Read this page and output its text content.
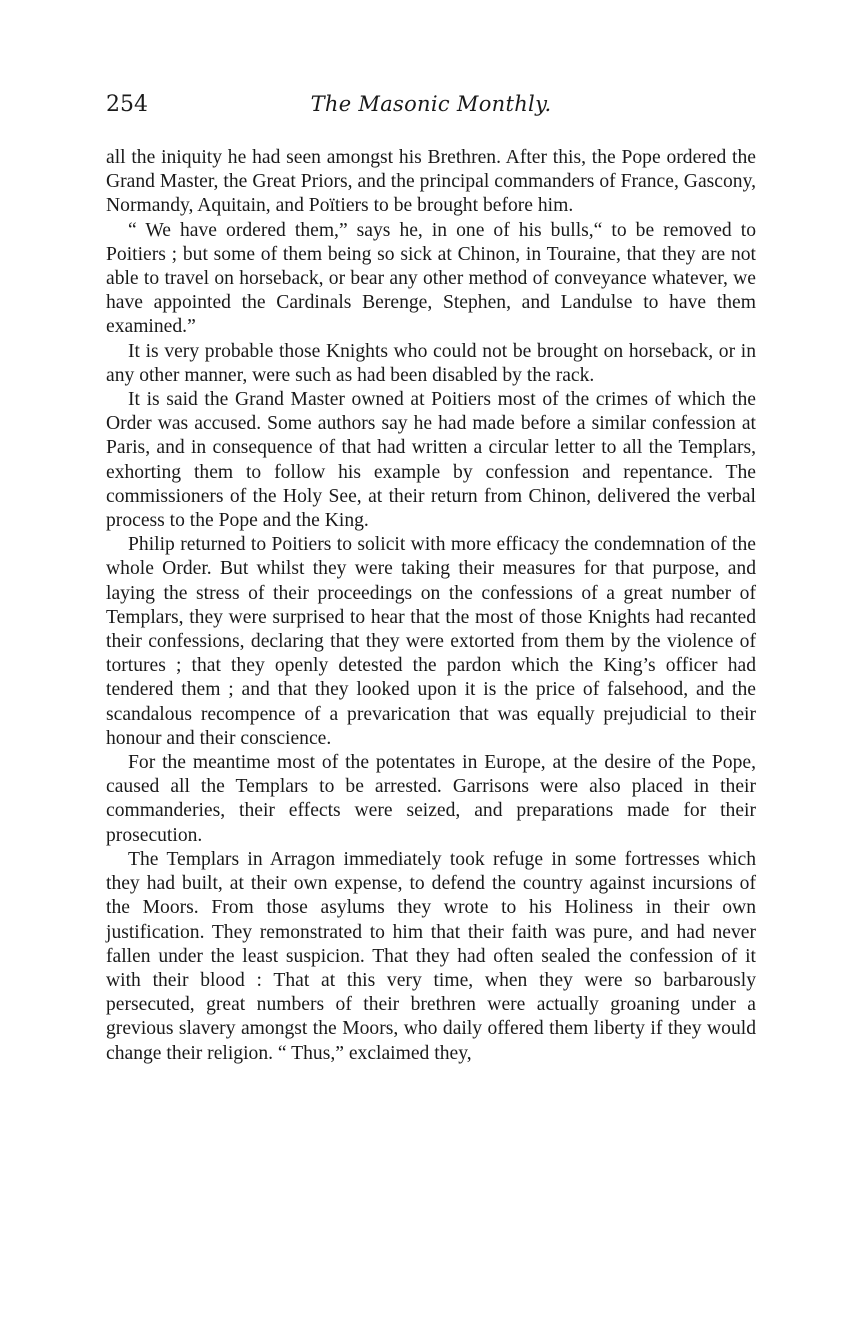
254	The Masonic Monthly.

all the iniquity he had seen amongst his Brethren. After this, the Pope ordered the Grand Master, the Great Priors, and the principal commanders of France, Gascony, Normandy, Aquitain, and Poïtiers to be brought before him.

“ We have ordered them,” says he, in one of his bulls,“ to be removed to Poitiers ; but some of them being so sick at Chinon, in Touraine, that they are not able to travel on horseback, or bear any other method of conveyance whatever, we have appointed the Cardinals Berenge, Stephen, and Landulse to have them examined.”

It is very probable those Knights who could not be brought on horseback, or in any other manner, were such as had been disabled by the rack.

It is said the Grand Master owned at Poitiers most of the crimes of which the Order was accused. Some authors say he had made before a similar confession at Paris, and in consequence of that had written a circular letter to all the Templars, exhorting them to follow his example by confession and repentance. The commissioners of the Holy See, at their return from Chinon, delivered the verbal process to the Pope and the King.

Philip returned to Poitiers to solicit with more efficacy the condemnation of the whole Order. But whilst they were taking their measures for that purpose, and laying the stress of their proceedings on the confessions of a great number of Templars, they were surprised to hear that the most of those Knights had recanted their confessions, declaring that they were extorted from them by the violence of tortures ; that they openly detested the pardon which the King’s officer had tendered them ; and that they looked upon it is the price of falsehood, and the scandalous recompence of a prevarication that was equally prejudicial to their honour and their conscience.

For the meantime most of the potentates in Europe, at the desire of the Pope, caused all the Templars to be arrested. Garrisons were also placed in their commanderies, their effects were seized, and preparations made for their prosecution.

The Templars in Arragon immediately took refuge in some fortresses which they had built, at their own expense, to defend the country against incursions of the Moors. From those asylums they wrote to his Holiness in their own justification. They remonstrated to him that their faith was pure, and had never fallen under the least suspicion. That they had often sealed the confession of it with their blood : That at this very time, when they were so barbarously persecuted, great numbers of their brethren were actually groaning under a grevious slavery amongst the Moors, who daily offered them liberty if they would change their religion. “ Thus,” exclaimed they,
